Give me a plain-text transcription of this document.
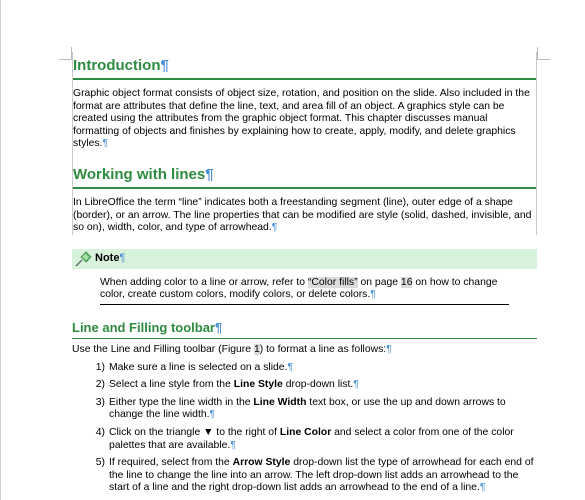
Introduction¶

Graphic object format consists of object size, rotation, and position on the slide. Also included in the format are attributes that define the line, text, and area fill of an object. A graphics style can be created using the attributes from the graphic object format. This chapter discusses manual formatting of objects and finishes by explaining how to create, apply, modify, and delete graphics styles.¶

Working with lines¶

In LibreOffice the term “line” indicates both a freestanding segment (line), outer edge of a shape (border), or an arrow. The line properties that can be modified are style (solid, dashed, invisible, and so on), width, color, and type of arrowhead.¶

Note ¶
When adding color to a line or arrow, refer to “Color fills” on page 16 on how to change color, create custom colors, modify colors, or delete colors.¶
Line and Filling toolbar¶

Use the Line and Filling toolbar (Figure 1) to format a line as follows:¶

1) Make sure a line is selected on a slide.¶
2) Select a line style from the Line Style drop-down list.¶
3) Either type the line width in the Line Width text box, or use the up and down arrows to change the line width.¶
4) Click on the triangle ▼ to the right of Line Color and select a color from one of the color palettes that are available.¶
5) If required, select from the Arrow Style drop-down list the type of arrowhead for each end of the line to change the line into an arrow. The left drop-down list adds an arrowhead to the start of a line and the right drop-down list adds an arrowhead to the end of a line.¶
